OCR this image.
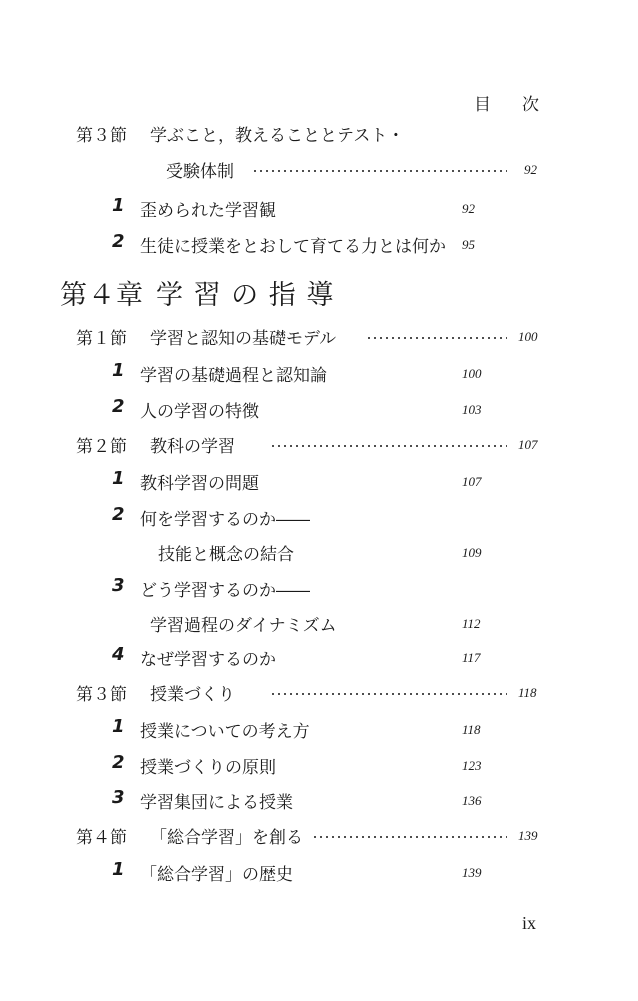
目 次
第３節 学ぶこと，教えることとテスト・
受験体制	92
1 歪められた学習観	92
2 生徒に授業をとおして育てる力とは何か 95
第４章 学 習 の 指 導
第１節 学習と認知の基礎モデル	100
1 学習の基礎過程と認知論	100
2 人の学習の特徴	103
第２節 教科の学習	107
1 教科学習の問題	107
2 何を学習するのか――
技能と概念の結合	109
3 どう学習するのか――
学習過程のダイナミズム	112
4 なぜ学習するのか	117
第３節 授業づくり	118
1 授業についての考え方	118
2 授業づくりの原則	123
3 学習集団による授業	136
第４節 「総合学習」を創る	139
1 「総合学習」の歴史	139
ix
